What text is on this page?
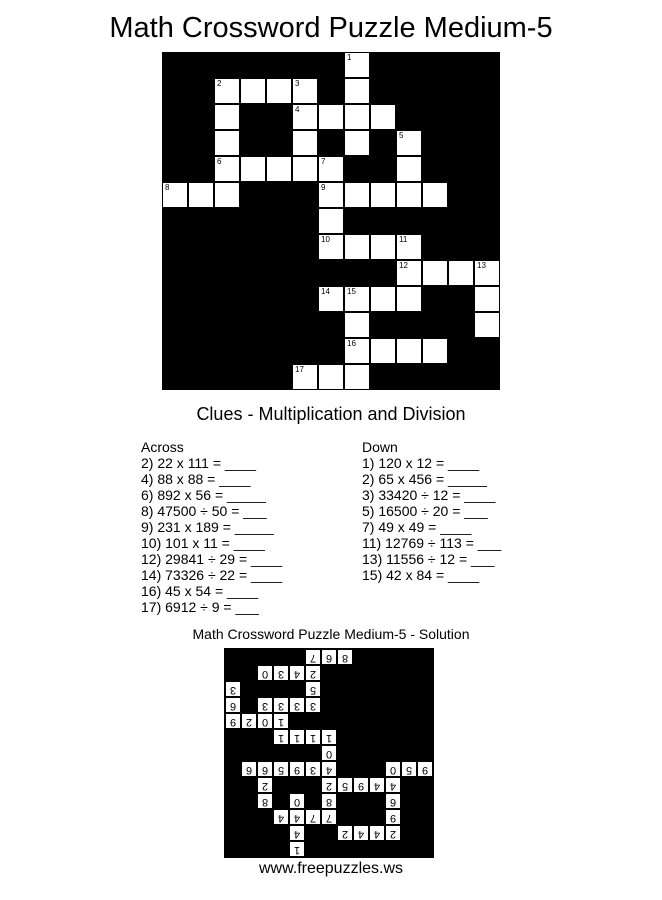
Math Crossword Puzzle Medium-5
1
2	3
4
5
6	7
8	9
10	11
12	13
14 15
16
17
Clues - Multiplication and Division
Across
2) 22 x 111 = ____
4) 88 x 88 = ____
6) 892 x 56 = _____
8) 47500 ÷ 50 = ___
9) 231 x 189 = _____
10) 101 x 11 = ____
12) 29841 ÷ 29 = ____
14) 73326 ÷ 22 = ____
16) 45 x 54 = ____
17) 6912 ÷ 9 = ___
Down
1) 120 x 12 = ____
2) 65 x 456 = _____
3) 33420 ÷ 12 = ____
5) 16500 ÷ 20 = ___
7) 49 x 49 = ____
11) 12769 ÷ 113 = ___
13) 11556 ÷ 12 = ___
15) 42 x 84 = ____
Math Crossword Puzzle Medium-5 - Solution
7 6 8
0 3 4 2
3	5
6	3 3 3 3
9 2 0 1
1 1 1 1
0
6 6 5 9 3 4	0 5 9
2	2 5 9 4 4
8	0	8	6
4 4 7 7	9
4	2 4 4 2
1
www.freepuzzles.ws
